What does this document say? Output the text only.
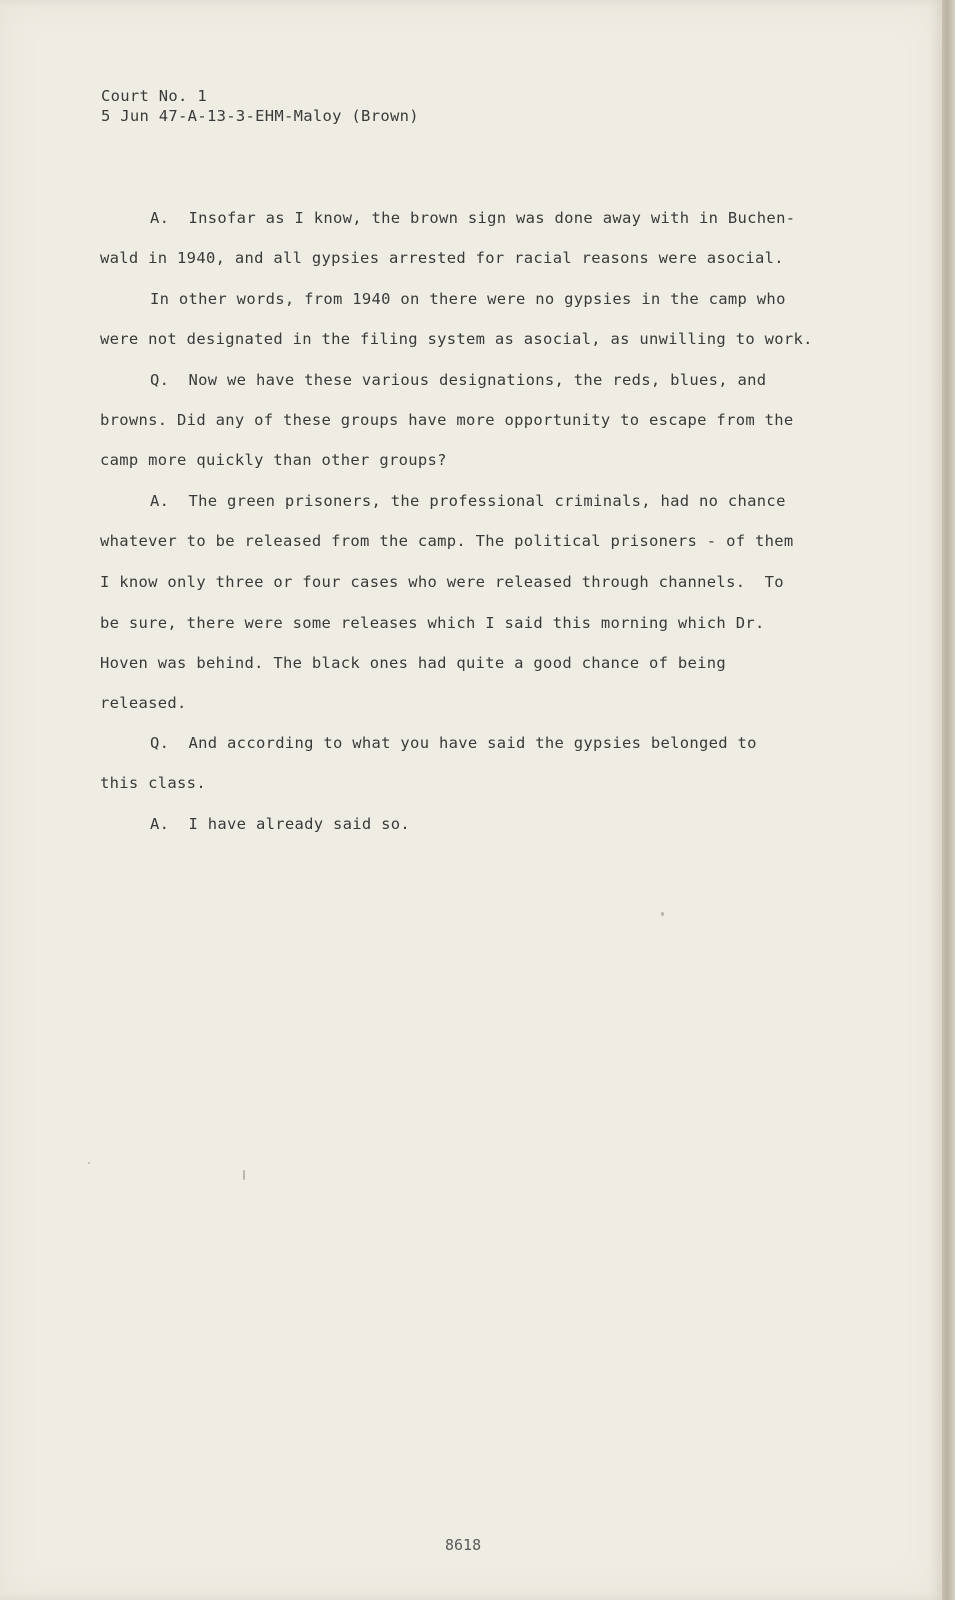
Court No. 1
5 Jun 47-A-13-3-EHM-Maloy (Brown)
A.  Insofar as I know, the brown sign was done away with in Buchen-
wald in 1940, and all gypsies arrested for racial reasons were asocial.
In other words, from 1940 on there were no gypsies in the camp who
were not designated in the filing system as asocial, as unwilling to work.
Q.  Now we have these various designations, the reds, blues, and
browns. Did any of these groups have more opportunity to escape from the
camp more quickly than other groups?
A.  The green prisoners, the professional criminals, had no chance
whatever to be released from the camp. The political prisoners - of them
I know only three or four cases who were released through channels.  To
be sure, there were some releases which I said this morning which Dr.
Hoven was behind. The black ones had quite a good chance of being
released.
Q.  And according to what you have said the gypsies belonged to
this class.
A.  I have already said so.
8618
